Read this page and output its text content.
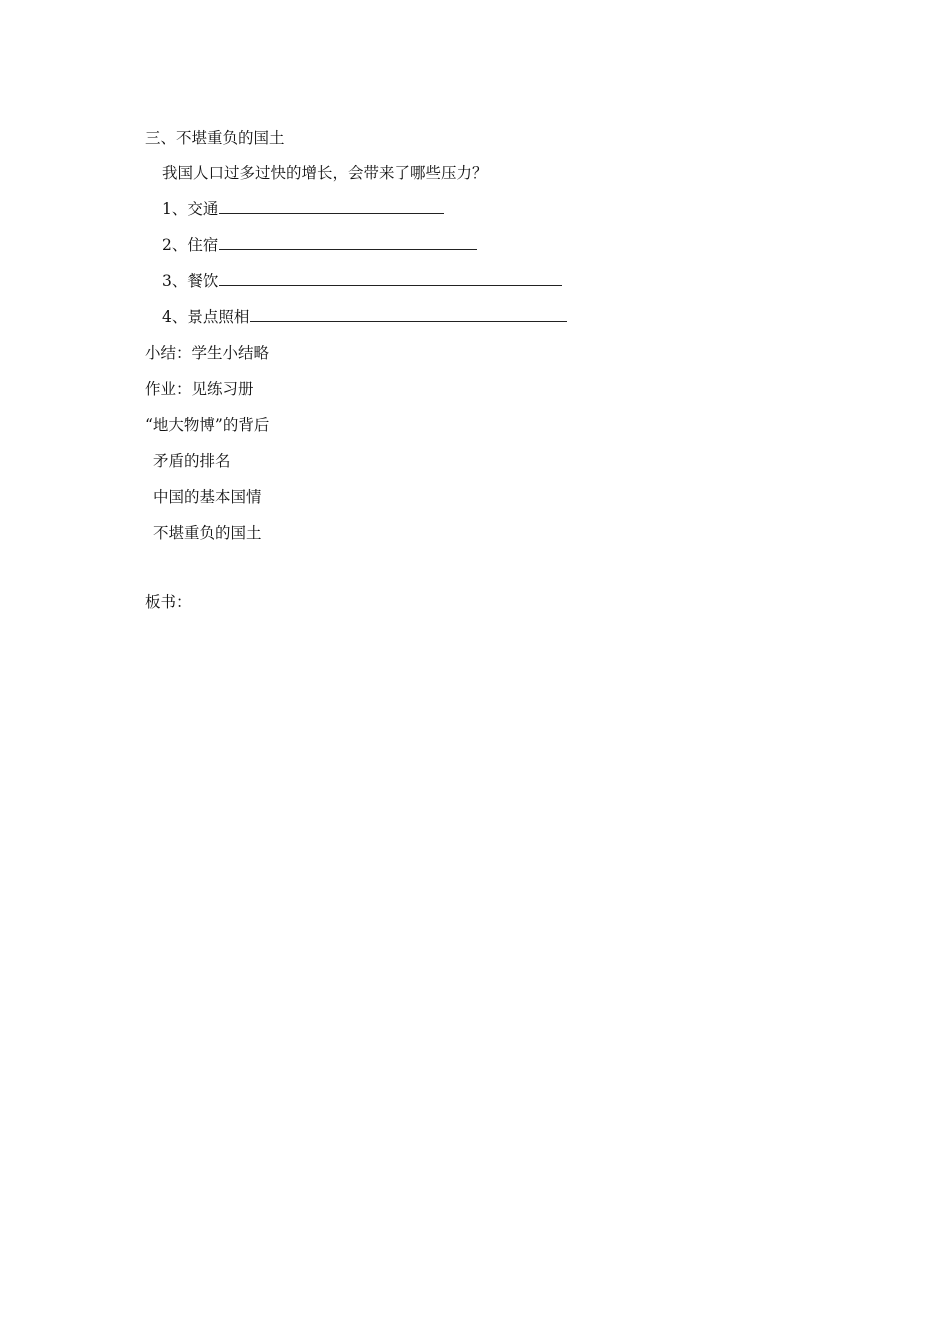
三、不堪重负的国土
我国人口过多过快的增长，会带来了哪些压力？
1、交通
2、住宿
3、餐饮
4、景点照相
小结：学生小结略
作业：见练习册
“地大物博”的背后
矛盾的排名
中国的基本国情
不堪重负的国土
板书：
